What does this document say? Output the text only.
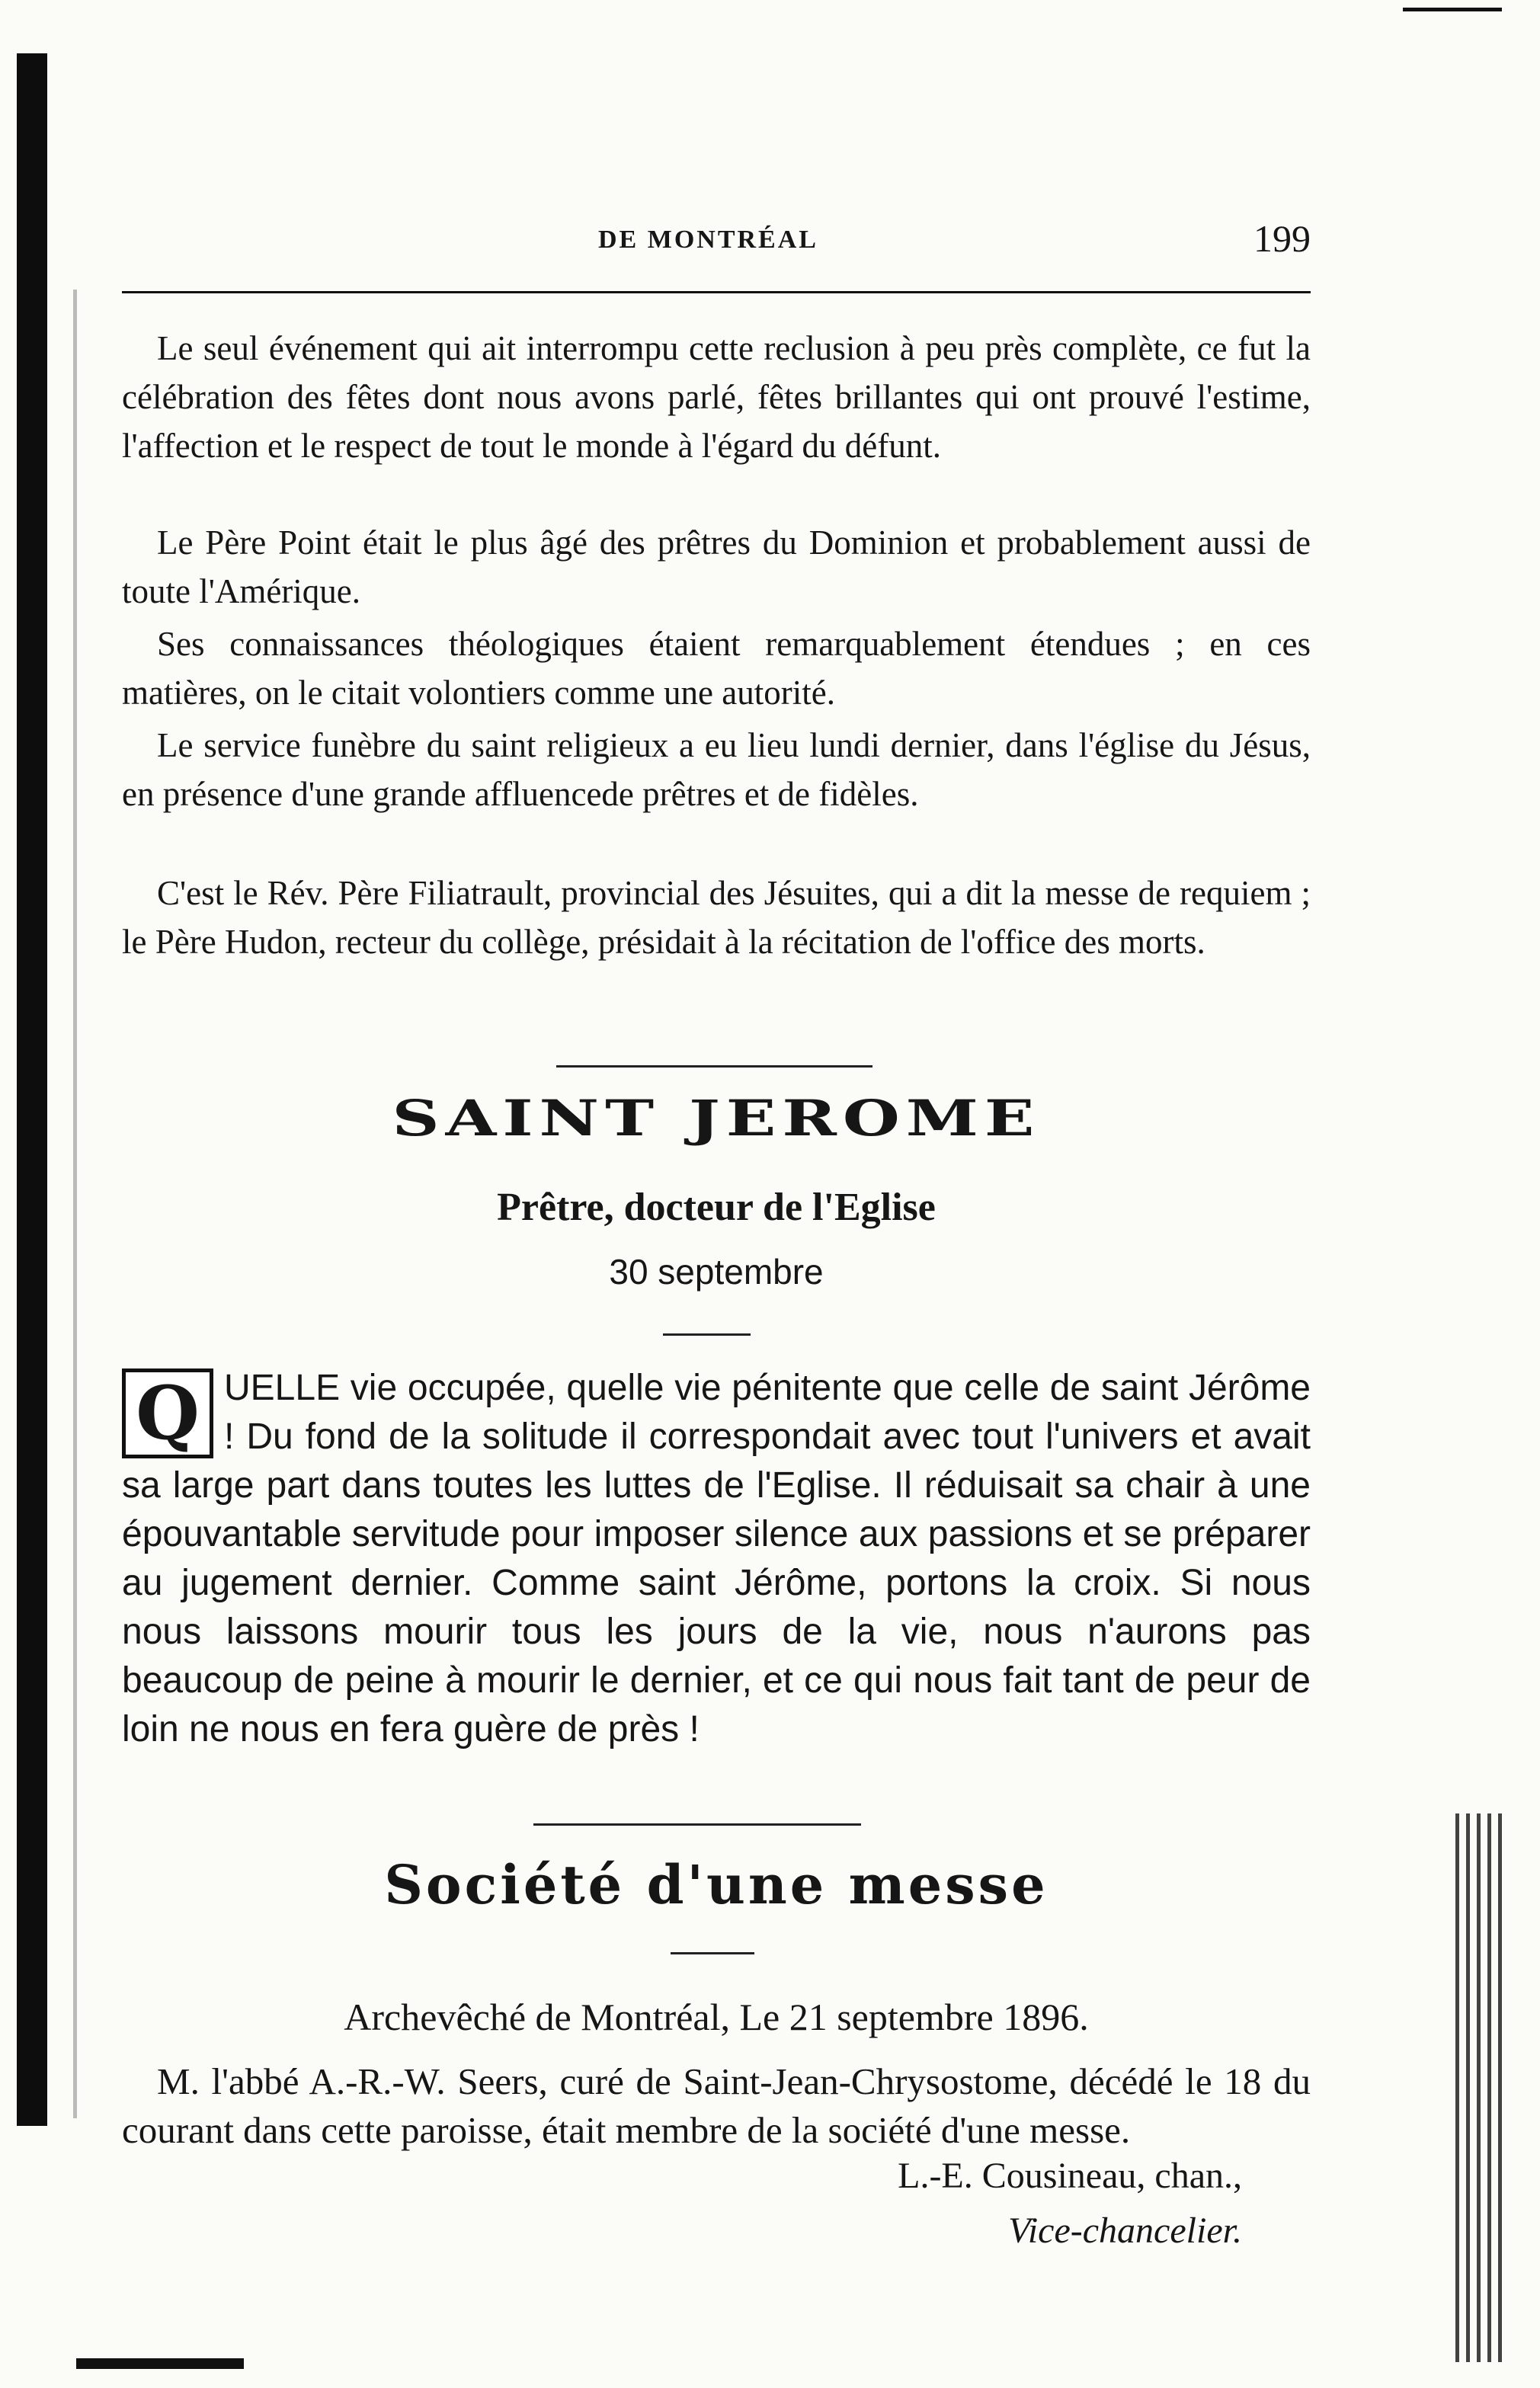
DE MONTRÉAL	199

Le seul événement qui ait interrompu cette reclusion à peu près complète, ce fut la célébration des fêtes dont nous avons parlé, fêtes brillantes qui ont prouvé l'estime, l'affection et le respect de tout le monde à l'égard du défunt.

Le Père Point était le plus âgé des prêtres du Dominion et probablement aussi de toute l'Amérique.

Ses connaissances théologiques étaient remarquablement étendues ; en ces matières, on le citait volontiers comme une autorité.

Le service funèbre du saint religieux a eu lieu lundi dernier, dans l'église du Jésus, en présence d'une grande affluencede prêtres et de fidèles.

C'est le Rév. Père Filiatrault, provincial des Jésuites, qui a dit la messe de requiem ; le Père Hudon, recteur du collège, présidait à la récitation de l'office des morts.

SAINT JEROME

Prêtre, docteur de l'Eglise

30 septembre

Q UELLE vie occupée, quelle vie pénitente que celle de saint Jérôme ! Du fond de la solitude il correspondait avec tout l'univers et avait sa large part dans toutes les luttes de l'Eglise. Il réduisait sa chair à une épouvantable servitude pour imposer silence aux passions et se préparer au jugement dernier. Comme saint Jérôme, portons la croix. Si nous nous laissons mourir tous les jours de la vie, nous n'aurons pas beaucoup de peine à mourir le dernier, et ce qui nous fait tant de peur de loin ne nous en fera guère de près !

Société d'une messe

Archevêché de Montréal, Le 21 septembre 1896.

M. l'abbé A.-R.-W. Seers, curé de Saint-Jean-Chrysostome, décédé le 18 du courant dans cette paroisse, était membre de la société d'une messe.

L.-E. Cousineau, chan.,

Vice-chancelier.
